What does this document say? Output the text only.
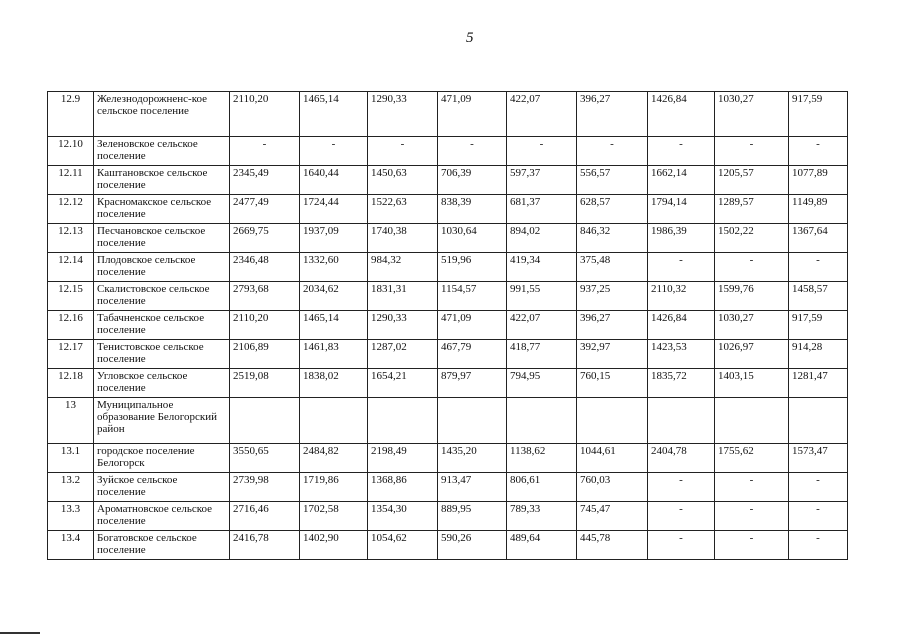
5
12.9	Железнодорожненс-кое сельское поселение	2110,20	1465,14	1290,33	471,09	422,07	396,27	1426,84	1030,27	917,59
12.10	Зеленовское сельское поселение	-	-	-	-	-	-	-	-	-
12.11	Каштановское сельское поселение	2345,49	1640,44	1450,63	706,39	597,37	556,57	1662,14	1205,57	1077,89
12.12	Красномакское сельское поселение	2477,49	1724,44	1522,63	838,39	681,37	628,57	1794,14	1289,57	1149,89
12.13	Песчановское сельское поселение	2669,75	1937,09	1740,38	1030,64	894,02	846,32	1986,39	1502,22	1367,64
12.14	Плодовское сельское поселение	2346,48	1332,60	984,32	519,96	419,34	375,48	-	-	-
12.15	Скалистовское сельское поселение	2793,68	2034,62	1831,31	1154,57	991,55	937,25	2110,32	1599,76	1458,57
12.16	Табачненское сельское поселение	2110,20	1465,14	1290,33	471,09	422,07	396,27	1426,84	1030,27	917,59
12.17	Тенистовское сельское поселение	2106,89	1461,83	1287,02	467,79	418,77	392,97	1423,53	1026,97	914,28
12.18	Угловское сельское поселение	2519,08	1838,02	1654,21	879,97	794,95	760,15	1835,72	1403,15	1281,47
13	Муниципальное образование Белогорский район									
13.1	городское поселение Белогорск	3550,65	2484,82	2198,49	1435,20	1138,62	1044,61	2404,78	1755,62	1573,47
13.2	Зуйское сельское поселение	2739,98	1719,86	1368,86	913,47	806,61	760,03	-	-	-
13.3	Ароматновское сельское поселение	2716,46	1702,58	1354,30	889,95	789,33	745,47	-	-	-
13.4	Богатовское сельское поселение	2416,78	1402,90	1054,62	590,26	489,64	445,78	-	-	-
